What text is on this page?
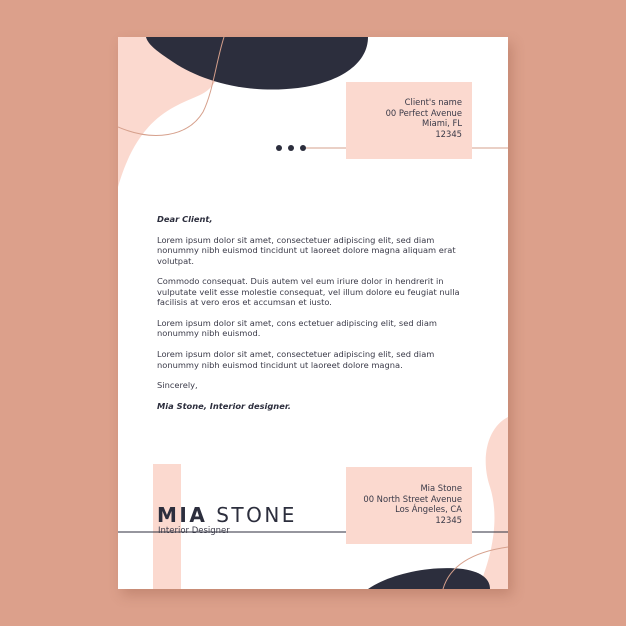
Client's name
00 Perfect Avenue
Miami, FL
12345

Dear Client,

Lorem ipsum dolor sit amet, consectetuer adipiscing elit, sed diam nonummy nibh euismod tincidunt ut laoreet dolore magna aliquam erat volutpat.

Commodo consequat. Duis autem vel eum iriure dolor in hendrerit in vulputate velit esse molestie consequat, vel illum dolore eu feugiat nulla facilisis at vero eros et accumsan et iusto.

Lorem ipsum dolor sit amet, cons ectetuer adipiscing elit, sed diam nonummy nibh euismod.

Lorem ipsum dolor sit amet, consectetuer adipiscing elit, sed diam nonummy nibh euismod tincidunt ut laoreet dolore magna.

Sincerely,

Mia Stone, Interior designer.

MIA STONE
Interior Designer
Mia Stone
00 North Street Avenue
Los Ángeles, CA
12345
